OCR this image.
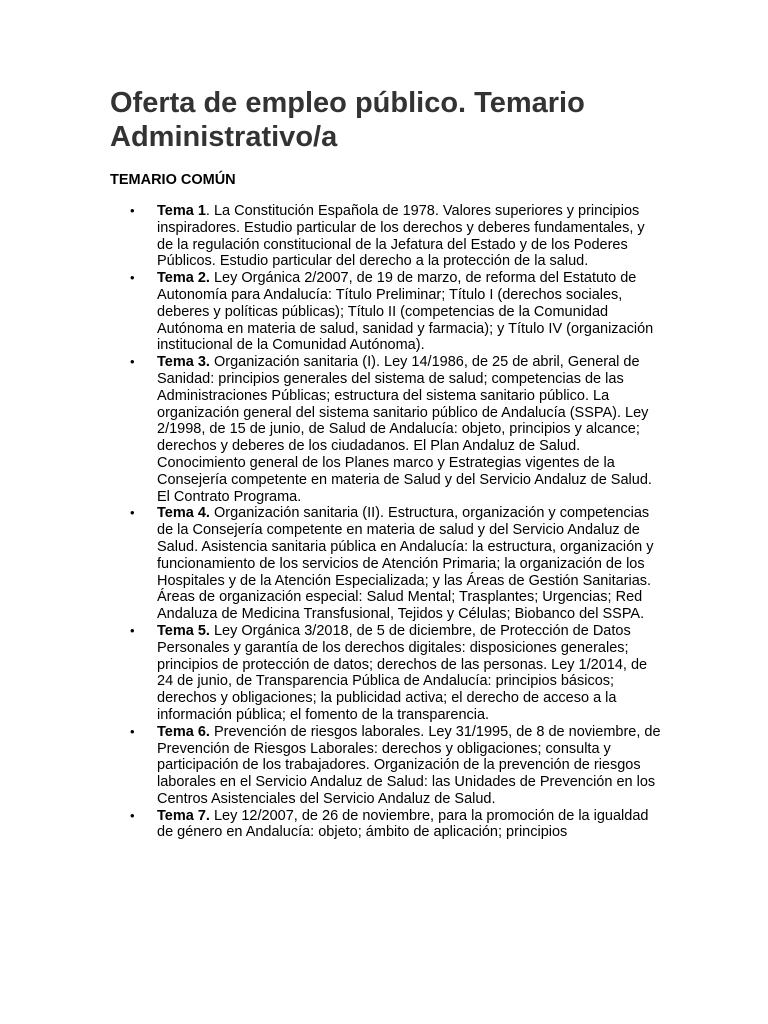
Oferta de empleo público. Temario
Administrativo/a
TEMARIO COMÚN
•	Tema 1. La Constitución Española de 1978. Valores superiores y principios inspiradores. Estudio particular de los derechos y deberes fundamentales, y de la regulación constitucional de la Jefatura del Estado y de los Poderes Públicos. Estudio particular del derecho a la protección de la salud.
•	Tema 2. Ley Orgánica 2/2007, de 19 de marzo, de reforma del Estatuto de Autonomía para Andalucía: Título Preliminar; Título I (derechos sociales, deberes y políticas públicas); Título II (competencias de la Comunidad Autónoma en materia de salud, sanidad y farmacia); y Título IV (organización institucional de la Comunidad Autónoma).
•	Tema 3. Organización sanitaria (I). Ley 14/1986, de 25 de abril, General de Sanidad: principios generales del sistema de salud; competencias de las Administraciones Públicas; estructura del sistema sanitario público. La organización general del sistema sanitario público de Andalucía (SSPA). Ley 2/1998, de 15 de junio, de Salud de Andalucía: objeto, principios y alcance; derechos y deberes de los ciudadanos. El Plan Andaluz de Salud. Conocimiento general de los Planes marco y Estrategias vigentes de la Consejería competente en materia de Salud y del Servicio Andaluz de Salud. El Contrato Programa.
•	Tema 4. Organización sanitaria (II). Estructura, organización y competencias de la Consejería competente en materia de salud y del Servicio Andaluz de Salud. Asistencia sanitaria pública en Andalucía: la estructura, organización y funcionamiento de los servicios de Atención Primaria; la organización de los Hospitales y de la Atención Especializada; y las Áreas de Gestión Sanitarias. Áreas de organización especial: Salud Mental; Trasplantes; Urgencias; Red Andaluza de Medicina Transfusional, Tejidos y Células; Biobanco del SSPA.
•	Tema 5. Ley Orgánica 3/2018, de 5 de diciembre, de Protección de Datos Personales y garantía de los derechos digitales: disposiciones generales; principios de protección de datos; derechos de las personas. Ley 1/2014, de 24 de junio, de Transparencia Pública de Andalucía: principios básicos; derechos y obligaciones; la publicidad activa; el derecho de acceso a la información pública; el fomento de la transparencia.
•	Tema 6. Prevención de riesgos laborales. Ley 31/1995, de 8 de noviembre, de Prevención de Riesgos Laborales: derechos y obligaciones; consulta y participación de los trabajadores. Organización de la prevención de riesgos laborales en el Servicio Andaluz de Salud: las Unidades de Prevención en los Centros Asistenciales del Servicio Andaluz de Salud.
•	Tema 7. Ley 12/2007, de 26 de noviembre, para la promoción de la igualdad de género en Andalucía: objeto; ámbito de aplicación; principios
